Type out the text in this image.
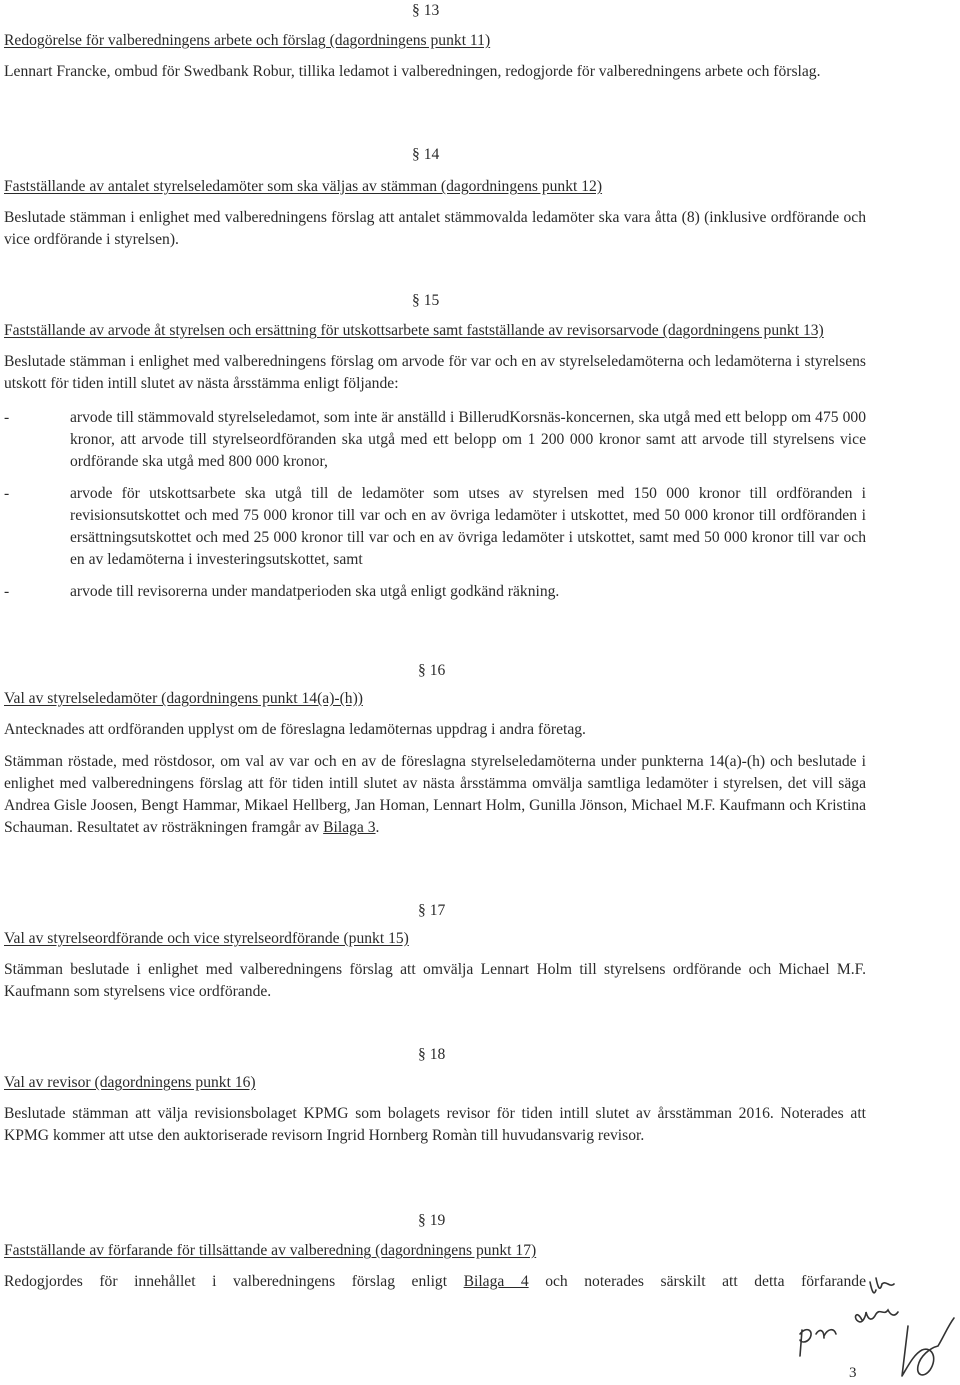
§ 13
Redogörelse för valberedningens arbete och förslag (dagordningens punkt 11)

Lennart Francke, ombud för Swedbank Robur, tillika ledamot i valberedningen, redogjorde för valberedningens arbete och förslag.

§ 14
Fastställande av antalet styrelseledamöter som ska väljas av stämman (dagordningens punkt 12)

Beslutade stämman i enlighet med valberedningens förslag att antalet stämmovalda ledamöter ska vara åtta (8) (inklusive ordförande och vice ordförande i styrelsen).

§ 15
Fastställande av arvode åt styrelsen och ersättning för utskottsarbete samt fastställande av revisorsarvode (dagordningens punkt 13)

Beslutade stämman i enlighet med valberedningens förslag om arvode för var och en av styrelseledamöterna och ledamöterna i styrelsens utskott för tiden intill slutet av nästa årsstämma enligt följande:

-	arvode till stämmovald styrelseledamot, som inte är anställd i BillerudKorsnäs-koncernen, ska utgå med ett belopp om 475 000 kronor, att arvode till styrelseordföranden ska utgå med ett belopp om 1 200 000 kronor samt att arvode till styrelsens vice ordförande ska utgå med 800 000 kronor,
-	arvode för utskottsarbete ska utgå till de ledamöter som utses av styrelsen med 150 000 kronor till ordföranden i revisionsutskottet och med 75 000 kronor till var och en av övriga ledamöter i utskottet, med 50 000 kronor till ordföranden i ersättningsutskottet och med 25 000 kronor till var och en av övriga ledamöter i utskottet, samt med 50 000 kronor till var och en av ledamöterna i investeringsutskottet, samt
-	arvode till revisorerna under mandatperioden ska utgå enligt godkänd räkning.
§ 16
Val av styrelseledamöter (dagordningens punkt 14(a)-(h))

Antecknades att ordföranden upplyst om de föreslagna ledamöternas uppdrag i andra företag.

Stämman röstade, med röstdosor, om val av var och en av de föreslagna styrelseledamöterna under punkterna 14(a)-(h) och beslutade i enlighet med valberedningens förslag att för tiden intill slutet av nästa årsstämma omvälja samtliga ledamöter i styrelsen, det vill säga Andrea Gisle Joosen, Bengt Hammar, Mikael Hellberg, Jan Homan, Lennart Holm, Gunilla Jönson, Michael M.F. Kaufmann och Kristina Schauman. Resultatet av rösträkningen framgår av Bilaga 3.

§ 17
Val av styrelseordförande och vice styrelseordförande (punkt 15)

Stämman beslutade i enlighet med valberedningens förslag att omvälja Lennart Holm till styrelsens ordförande och Michael M.F. Kaufmann som styrelsens vice ordförande.

§ 18
Val av revisor (dagordningens punkt 16)

Beslutade stämman att välja revisionsbolaget KPMG som bolagets revisor för tiden intill slutet av årsstämman 2016. Noterades att KPMG kommer att utse den auktoriserade revisorn Ingrid Hornberg Romàn till huvudansvarig revisor.

§ 19
Fastställande av förfarande för tillsättande av valberedning (dagordningens punkt 17)

Redogjordes för innehållet i valberedningens förslag enligt Bilaga 4 och noterades särskilt att detta förfarande

3
